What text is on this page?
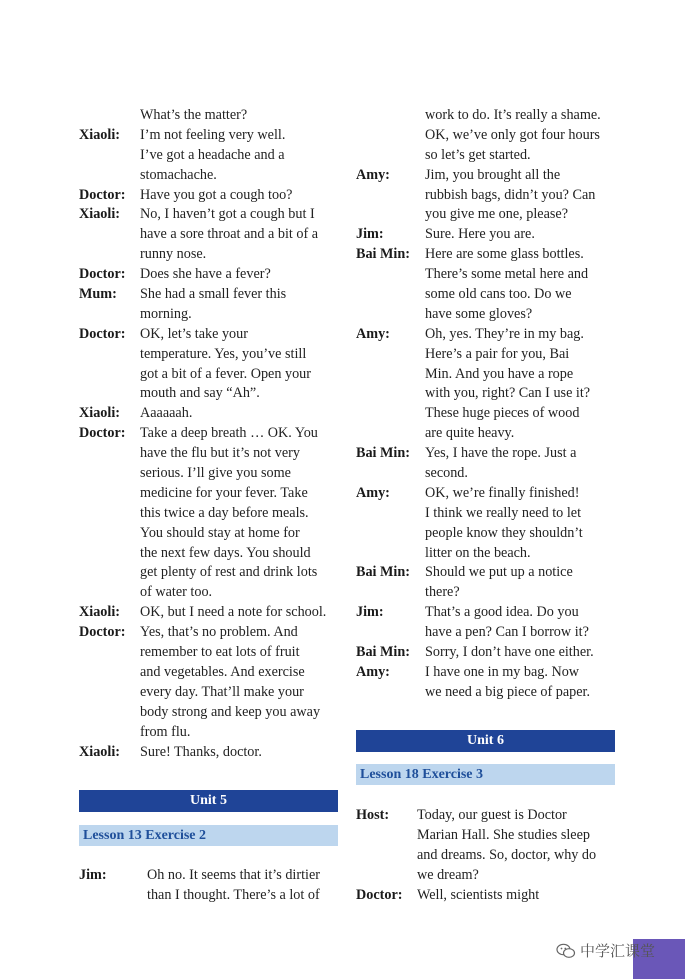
What’s the matter?
Xiaoli: I’m not feeling very well.
I’ve got a headache and a
stomachache.
Doctor: Have you got a cough too?
Xiaoli: No, I haven’t got a cough but I
have a sore throat and a bit of a
runny nose.
Doctor: Does she have a fever?
Mum: She had a small fever this
morning.
Doctor: OK, let’s take your
temperature. Yes, you’ve still
got a bit of a fever. Open your
mouth and say “Ah”.
Xiaoli: Aaaaaah.
Doctor: Take a deep breath … OK. You
have the flu but it’s not very
serious. I’ll give you some
medicine for your fever. Take
this twice a day before meals.
You should stay at home for
the next few days. You should
get plenty of rest and drink lots
of water too.
Xiaoli: OK, but I need a note for school.
Doctor: Yes, that’s no problem. And
remember to eat lots of fruit
and vegetables. And exercise
every day. That’ll make your
body strong and keep you away
from flu.
Xiaoli: Sure! Thanks, doctor.
work to do. It’s really a shame.
OK, we’ve only got four hours
so let’s get started.
Amy: Jim, you brought all the
rubbish bags, didn’t you? Can
you give me one, please?
Jim:	Sure. Here you are.
Bai Min: Here are some glass bottles.
There’s some metal here and
some old cans too. Do we
have some gloves?
Amy: Oh, yes. They’re in my bag.
Here’s a pair for you, Bai
Min. And you have a rope
with you, right? Can I use it?
These huge pieces of wood
are quite heavy.
Bai Min: Yes, I have the rope. Just a
second.
Amy: OK, we’re finally finished!
I think we really need to let
people know they shouldn’t
litter on the beach.
Bai Min: Should we put up a notice
there?
Jim:	That’s a good idea. Do you
have a pen? Can I borrow it?
Bai Min: Sorry, I don’t have one either.
Amy: I have one in my bag. Now
we need a big piece of paper.
Unit 5
Lesson 13 Exercise 2
Jim:	Oh no. It seems that it’s dirtier
than I thought. There’s a lot of
Unit 6
Lesson 18 Exercise 3
Host: Today, our guest is Doctor
Marian Hall. She studies sleep
and dreams. So, doctor, why do
we dream?
Doctor: Well, scientists might
中学汇课堂
